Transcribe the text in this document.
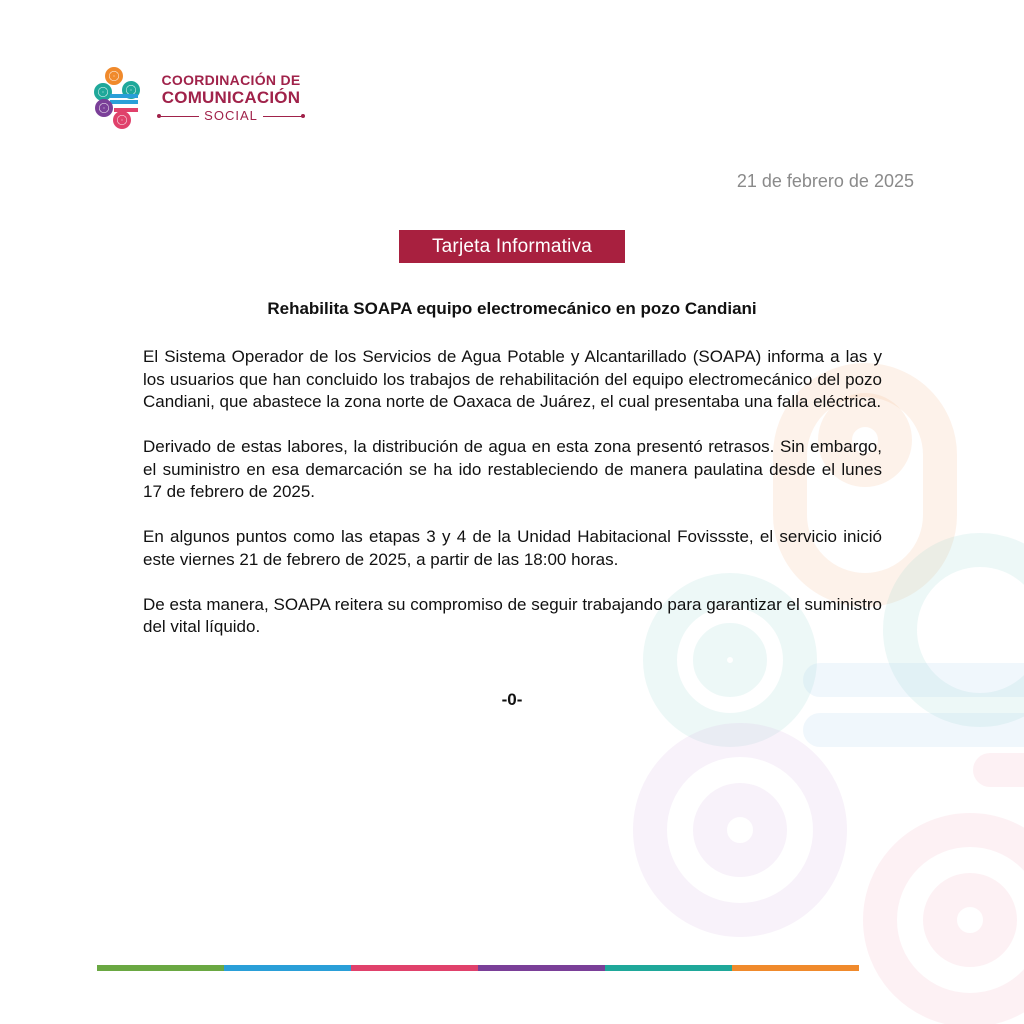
COORDINACIÓN DE
COMUNICACIÓN
SOCIAL
21 de febrero de 2025
Tarjeta Informativa
Rehabilita SOAPA equipo electromecánico en pozo Candiani

El Sistema Operador de los Servicios de Agua Potable y Alcantarillado (SOAPA) informa a las y los usuarios que han concluido los trabajos de rehabilitación del equipo electromecánico del pozo Candiani, que abastece la zona norte de Oaxaca de Juárez, el cual presentaba una falla eléctrica.

Derivado de estas labores, la distribución de agua en esta zona presentó retrasos. Sin embargo, el suministro en esa demarcación se ha ido restableciendo de manera paulatina desde el lunes 17 de febrero de 2025.

En algunos puntos como las etapas 3 y 4 de la Unidad Habitacional Fovissste, el servicio inició este viernes 21 de febrero de 2025, a partir de las 18:00 horas.

De esta manera, SOAPA reitera su compromiso de seguir trabajando para garantizar el suministro del vital líquido.

-0-
